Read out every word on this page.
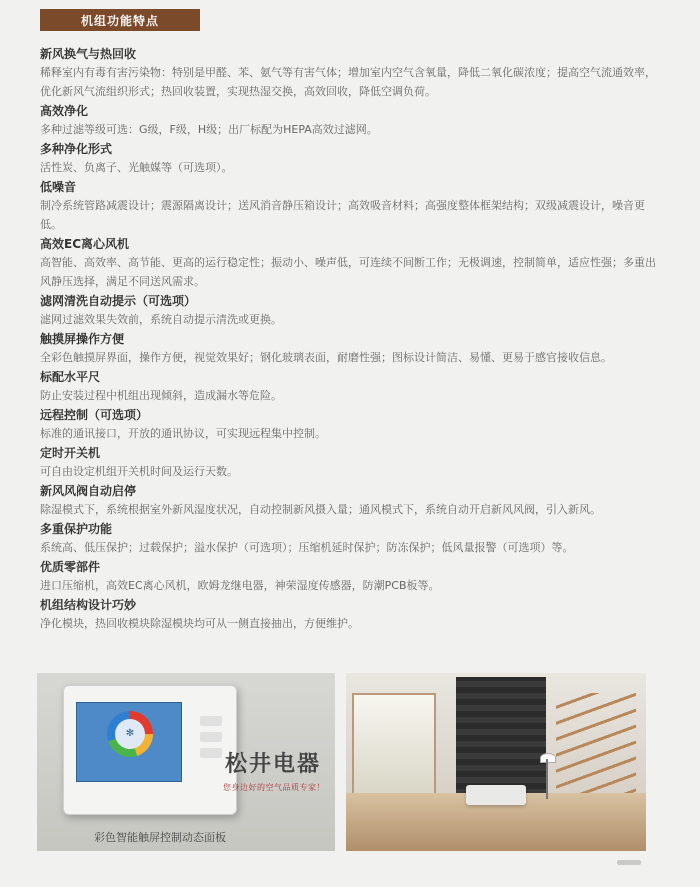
机组功能特点
新风换气与热回收

稀释室内有毒有害污染物：特别是甲醛、苯、氨气等有害气体；增加室内空气含氧量，降低二氧化碳浓度；提高空气流通效率，优化新风气流组织形式；热回收装置，实现热湿交换，高效回收，降低空调负荷。

高效净化

多种过滤等级可选：G级，F级，H级；出厂标配为HEPA高效过滤网。

多种净化形式

活性炭、负离子、光触媒等（可选项）。

低噪音

制冷系统管路减震设计；震源隔离设计；送风消音静压箱设计；高效吸音材料；高强度整体框架结构；双级减震设计，噪音更低。

高效EC离心风机

高智能、高效率、高节能、更高的运行稳定性；振动小、噪声低，可连续不间断工作；无极调速，控制简单，适应性强；多重出风静压选择，满足不同送风需求。

滤网清洗自动提示（可选项）

滤网过滤效果失效前，系统自动提示清洗或更换。

触摸屏操作方便

全彩色触摸屏界面，操作方便，视觉效果好；钢化玻璃表面，耐磨性强；图标设计简洁、易懂、更易于感官接收信息。

标配水平尺

防止安装过程中机组出现倾斜，造成漏水等危险。

远程控制（可选项）

标准的通讯接口，开放的通讯协议，可实现远程集中控制。

定时开关机

可自由设定机组开关机时间及运行天数。

新风风阀自动启停

除湿模式下，系统根据室外新风湿度状况，自动控制新风摄入量；通风模式下，系统自动开启新风风阀，引入新风。

多重保护功能

系统高、低压保护；过载保护；溢水保护（可选项）；压缩机延时保护；防冻保护；低风量报警（可选项）等。

优质零部件

进口压缩机，高效EC离心风机，欧姆龙继电器，神荣湿度传感器，防潮PCB板等。

机组结构设计巧妙

净化模块，热回收模块除湿模块均可从一侧直接抽出，方便维护。

✻
松井电器
您身边好的空气品质专家！
彩色智能触屏控制动态面板
